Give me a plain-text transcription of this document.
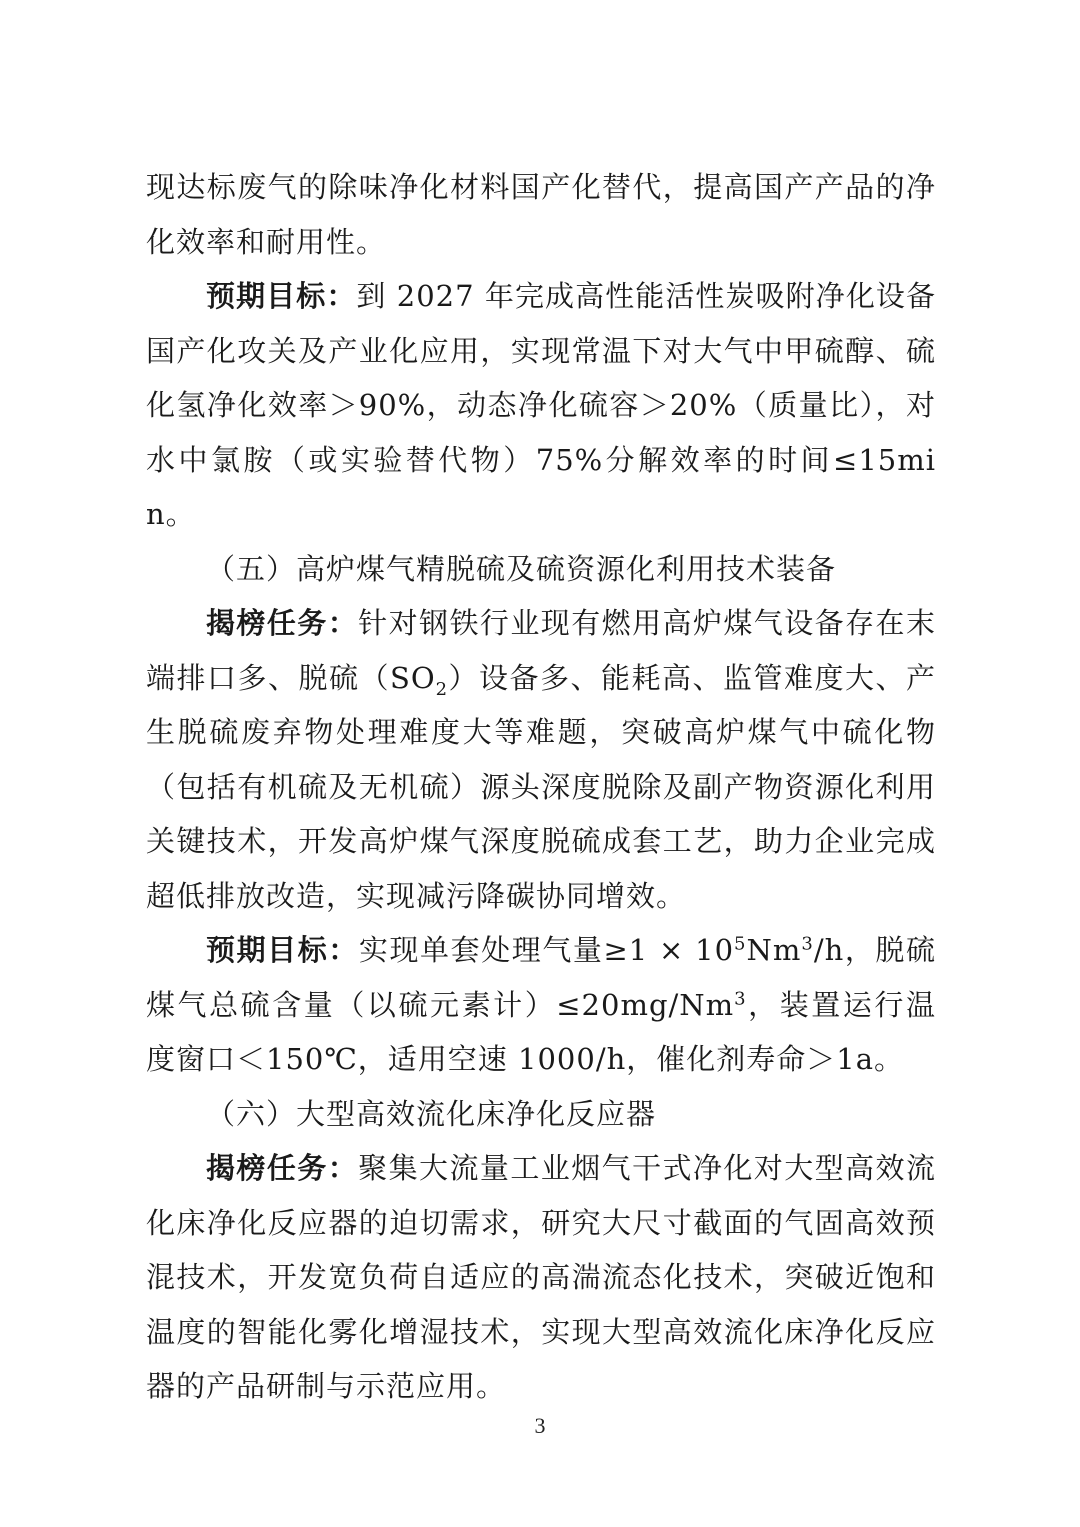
现达标废气的除味净化材料国产化替代，提高国产产品的净化效率和耐用性。

预期目标：到 2027 年完成高性能活性炭吸附净化设备国产化攻关及产业化应用，实现常温下对大气中甲硫醇、硫化氢净化效率＞90%，动态净化硫容＞20%（质量比），对水中氯胺（或实验替代物）75%分解效率的时间≤15min。

（五）高炉煤气精脱硫及硫资源化利用技术装备

揭榜任务：针对钢铁行业现有燃用高炉煤气设备存在末端排口多、脱硫$(SO_2)$设备多、能耗高、监管难度大、产生脱硫废弃物处理难度大等难题，突破高炉煤气中硫化物（包括有机硫及无机硫）源头深度脱除及副产物资源化利用关键技术，开发高炉煤气深度脱硫成套工艺，助力企业完成超低排放改造，实现减污降碳协同增效。

预期目标：实现单套处理气量$\ge 1 \times 10^5Nm^3/h$，脱硫煤气总硫含量（以硫元素计）$\le 20mg/Nm^3$，装置运行温度窗口＜150℃，适用空速 1000/h，催化剂寿命＞1a。

（六）大型高效流化床净化反应器

揭榜任务：聚集大流量工业烟气干式净化对大型高效流化床净化反应器的迫切需求，研究大尺寸截面的气固高效预混技术，开发宽负荷自适应的高湍流态化技术，突破近饱和温度的智能化雾化增湿技术，实现大型高效流化床净化反应器的产品研制与示范应用。

3
